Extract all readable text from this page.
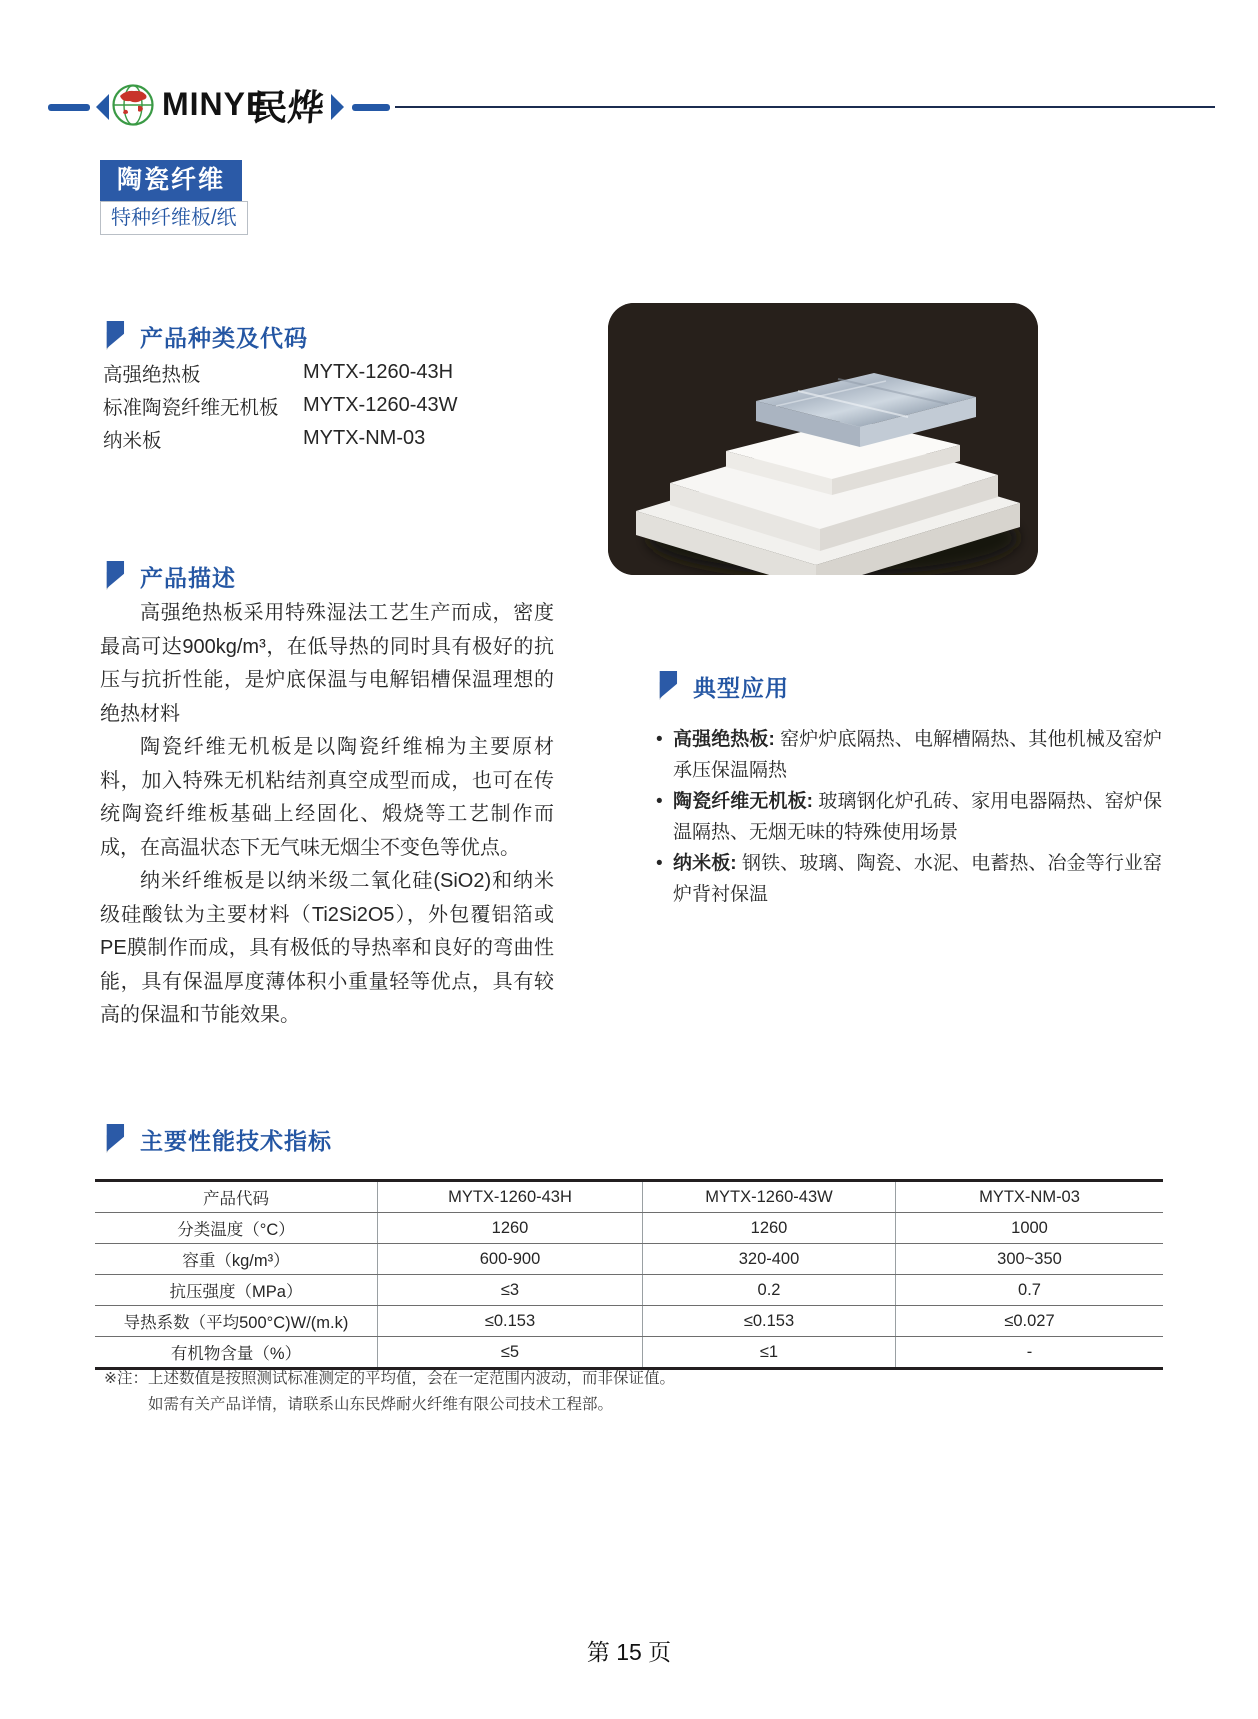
MINYE
民烨
陶瓷纤维
特种纤维板/纸
产品种类及代码
高强绝热板	MYTX-1260-43H
标准陶瓷纤维无机板	MYTX-1260-43W
纳米板	MYTX-NM-03
产品描述

高强绝热板采用特殊湿法工艺生产而成，密度最高可达900kg/m³，在低导热的同时具有极好的抗压与抗折性能，是炉底保温与电解铝槽保温理想的绝热材料

陶瓷纤维无机板是以陶瓷纤维棉为主要原材料，加入特殊无机粘结剂真空成型而成，也可在传统陶瓷纤维板基础上经固化、煅烧等工艺制作而成，在高温状态下无气味无烟尘不变色等优点。

纳米纤维板是以纳米级二氧化硅(SiO2)和纳米级硅酸钛为主要材料（Ti2Si2O5），外包覆铝箔或PE膜制作而成，具有极低的导热率和良好的弯曲性能，具有保温厚度薄体积小重量轻等优点，具有较高的保温和节能效果。

典型应用
• 高强绝热板: 窑炉炉底隔热、电解槽隔热、其他机械及窑炉承压保温隔热
• 陶瓷纤维无机板: 玻璃钢化炉孔砖、家用电器隔热、窑炉保温隔热、无烟无味的特殊使用场景
• 纳米板: 钢铁、玻璃、陶瓷、水泥、电蓄热、冶金等行业窑炉背衬保温
主要性能技术指标
产品代码	MYTX-1260-43H	MYTX-1260-43W	MYTX-NM-03
分类温度（°C）	1260	1260	1000
容重（kg/m³）	600-900	320-400	300~350
抗压强度（MPa）	≤3	0.2	0.7
导热系数（平均500°C)W/(m.k)	≤0.153	≤0.153	≤0.027
有机物含量（%）	≤5	≤1	-
※注：上述数值是按照测试标准测定的平均值，会在一定范围内波动，而非保证值。
如需有关产品详情，请联系山东民烨耐火纤维有限公司技术工程部。
第 15 页
